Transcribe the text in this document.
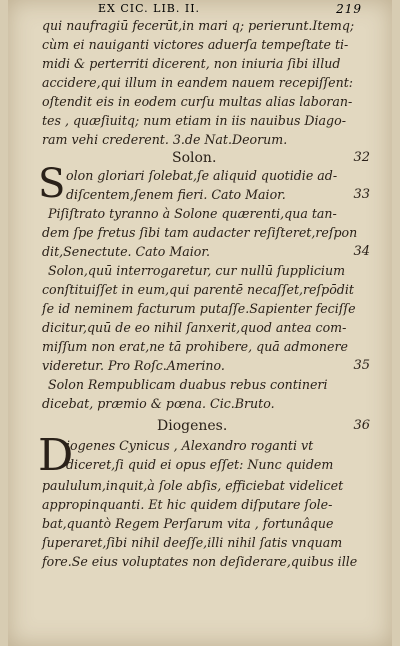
EX CIC. LIB. II.	219
qui naufragiū fecerūt,in mari q; perierunt.Itemq;
cùm ei nauiganti victores aduerſa tempeſtate ti-
midi & perterriti dicerent, non iniuria ſibi illud
accidere,qui illum in eandem nauem recepiſſent:
oſtendit eis in eodem curſu multas alias laboran-
tes , quæſiuitq; num etiam in iis nauibus Diago-
ram vehi crederent. 3.de Nat.Deorum.
Solon.	32
S olon gloriari ſolebat,ſe aliquid quotidie ad-
diſcentem,ſenem fieri. Cato Maior.	33
Piſiſtrato tyranno à Solone quærenti,qua tan-
dem ſpe fretus ſibi tam audacter reſiſteret,reſpon
dit,Senectute. Cato Maior.	34
Solon,quū interrogaretur, cur nullū ſupplicium
conſtituiſſet in eum,qui parentē necaſſet,reſpōdit
ſe id neminem facturum putaſſe.Sapienter feciſſe
dicitur,quū de eo nihil ſanxerit,quod antea com-
miſſum non erat,ne tā prohibere, quā admonere
videretur. Pro Roſc.Amerino.	35
Solon Rempublicam duabus rebus contineri
dicebat, præmio & pœna. Cic.Bruto.
Diogenes.	36
D
iogenes Cynicus , Alexandro roganti vt
diceret,ſi quid ei opus eſſet: Nunc quidem
paululum,inquit,à ſole abſis, efficiebat videlicet
appropinquanti. Et hic quidem diſputare ſole-
bat,quantò Regem Perſarum vita , fortunâque
ſuperaret,ſibi nihil deeſſe,illi nihil ſatis vnquam
fore.Se eius voluptates non deſiderare,quibus ille
